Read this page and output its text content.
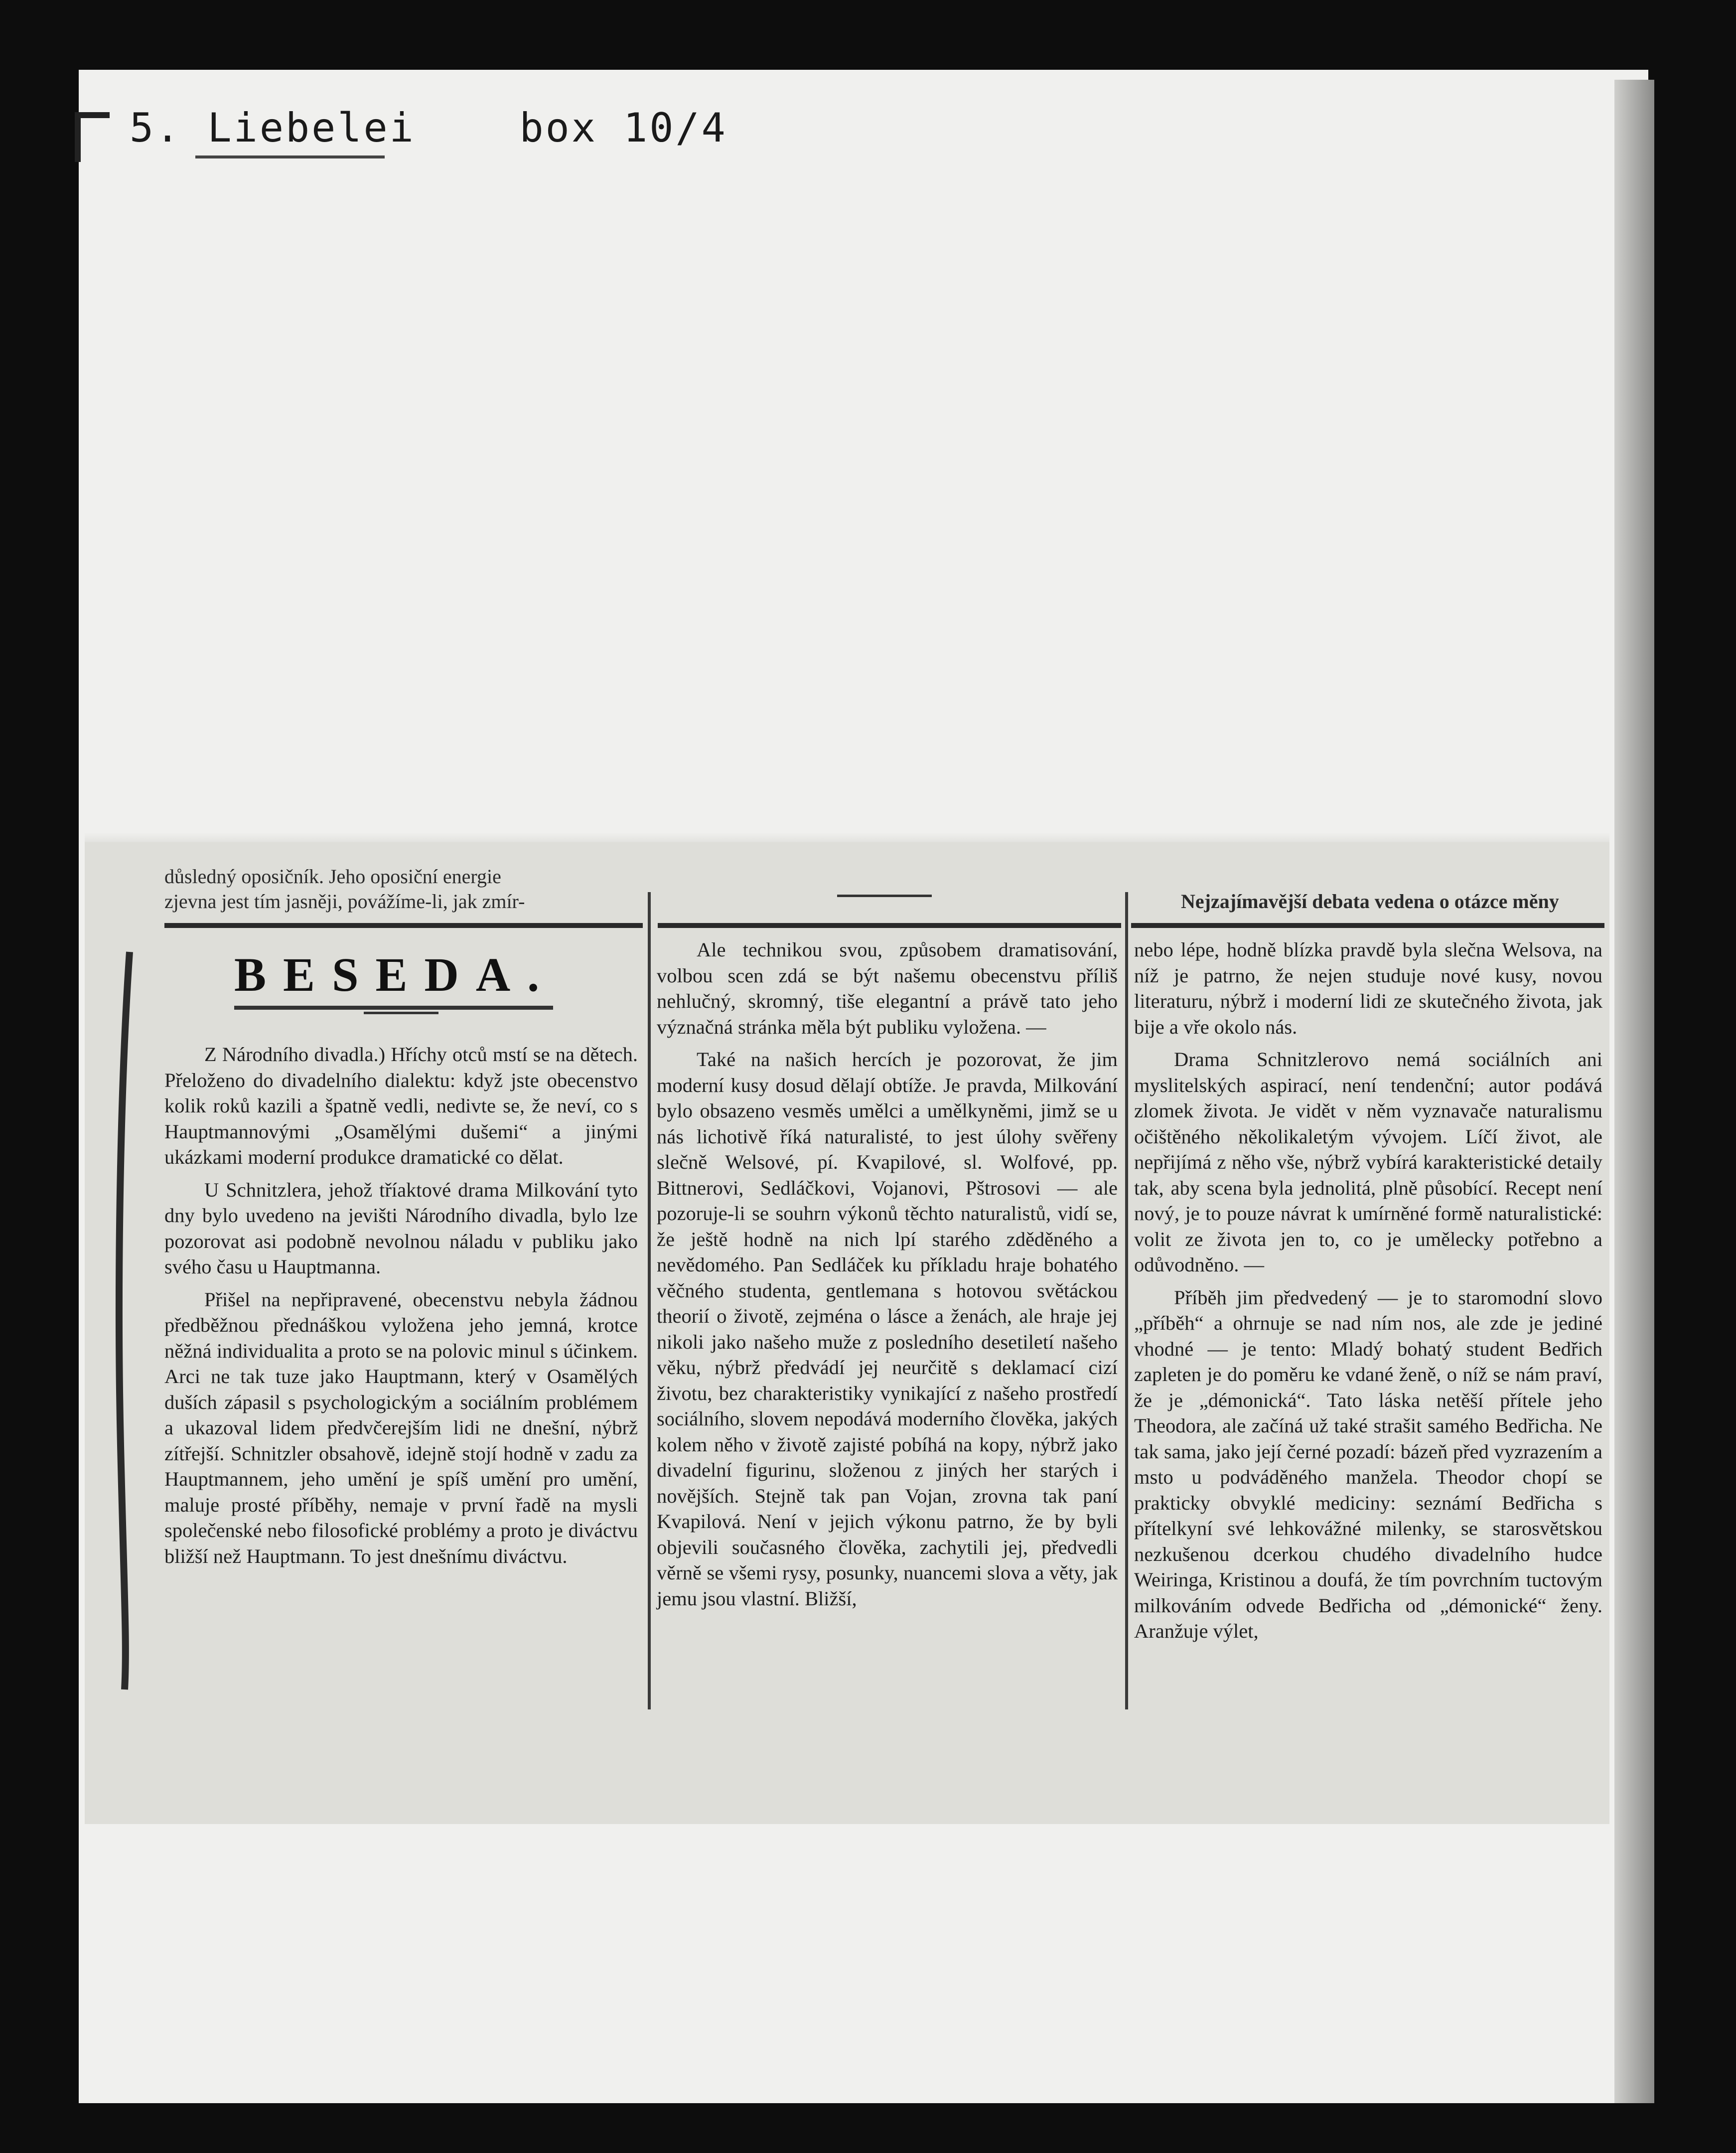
5. Liebelei    box 10/4
důsledný oposičník. Jeho oposiční energie
zjevna jest tím jasněji, povážíme-li, jak zmír-	Nejzajímavější debata vedena o otázce měny
BESEDA.

Z Národního divadla.) Hříchy otců mstí se na dětech. Přeloženo do divadelního dialektu: když jste obecenstvo kolik roků kazili a špatně vedli, nedivte se, že neví, co s Hauptmannovými „Osamělými dušemi“ a jinými ukázkami moderní produkce dramatické co dělat.

U Schnitzlera, jehož tříaktové drama Milkování tyto dny bylo uvedeno na jevišti Národního divadla, bylo lze pozorovat asi podobně nevolnou náladu v publiku jako svého času u Hauptmanna.

Přišel na nepřipravené, obecenstvu nebyla žádnou předběžnou přednáškou vyložena jeho jemná, krotce něžná individualita a proto se na polovic minul s účinkem. Arci ne tak tuze jako Hauptmann, který v Osamělých duších zápasil s psychologickým a sociálním problémem a ukazoval lidem předvčerejším lidi ne dnešní, nýbrž zítřejší. Schnitzler obsahově, idejně stojí hodně v zadu za Hauptmannem, jeho umění je spíš umění pro umění, maluje prosté příběhy, nemaje v první řadě na mysli společenské nebo filosofické problémy a proto je diváctvu bližší než Hauptmann. To jest dnešnímu diváctvu.

Ale technikou svou, způsobem dramatisování, volbou scen zdá se být našemu obecenstvu příliš nehlučný, skromný, tiše elegantní a právě tato jeho význačná stránka měla být publiku vyložena. —

Také na našich hercích je pozorovat, že jim moderní kusy dosud dělají obtíže. Je pravda, Milkování bylo obsazeno vesměs umělci a umělkyněmi, jimž se u nás lichotivě říká naturalisté, to jest úlohy svěřeny slečně Welsové, pí. Kvapilové, sl. Wolfové, pp. Bittnerovi, Sedláčkovi, Vojanovi, Pštrosovi — ale pozoruje-li se souhrn výkonů těchto naturalistů, vidí se, že ještě hodně na nich lpí starého zděděného a nevědomého. Pan Sedláček ku příkladu hraje bohatého věčného studenta, gentlemana s hotovou světáckou theorií o životě, zejména o lásce a ženách, ale hraje jej nikoli jako našeho muže z posledního desetiletí našeho věku, nýbrž předvádí jej neurčitě s deklamací cizí životu, bez charakteristiky vynikající z našeho prostředí sociálního, slovem nepodává moderního člověka, jakých kolem něho v životě zajisté pobíhá na kopy, nýbrž jako divadelní figurinu, složenou z jiných her starých i novějších. Stejně tak pan Vojan, zrovna tak paní Kvapilová. Není v jejich výkonu patrno, že by byli objevili současného člověka, zachytili jej, předvedli věrně se všemi rysy, posunky, nuancemi slova a věty, jak jemu jsou vlastní. Bližší,

nebo lépe, hodně blízka pravdě byla slečna Welsova, na níž je patrno, že nejen studuje nové kusy, novou literaturu, nýbrž i moderní lidi ze skutečného života, jak bije a vře okolo nás.

Drama Schnitzlerovo nemá sociálních ani myslitelských aspirací, není tendenční; autor podává zlomek života. Je vidět v něm vyznavače naturalismu očištěného několikaletým vývojem. Líčí život, ale nepřijímá z něho vše, nýbrž vybírá karakteristické detaily tak, aby scena byla jednolitá, plně působící. Recept není nový, je to pouze návrat k umírněné formě naturalistické: volit ze života jen to, co je umělecky potřebno a odůvodněno. —

Příběh jim předvedený — je to staromodní slovo „příběh“ a ohrnuje se nad ním nos, ale zde je jediné vhodné — je tento: Mladý bohatý student Bedřich zapleten je do poměru ke vdané ženě, o níž se nám praví, že je „démonická“. Tato láska netěší přítele jeho Theodora, ale začíná už také strašit samého Bedřicha. Ne tak sama, jako její černé pozadí: bázeň před vyzrazením a msto u podváděného manžela. Theodor chopí se prakticky obvyklé mediciny: seznámí Bedřicha s přítelkyní své lehkovážné milenky, se starosvětskou nezkušenou dcerkou chudého divadelního hudce Weiringa, Kristinou a doufá, že tím povrchním tuctovým milkováním odvede Bedřicha od „démonické“ ženy. Aranžuje výlet,
